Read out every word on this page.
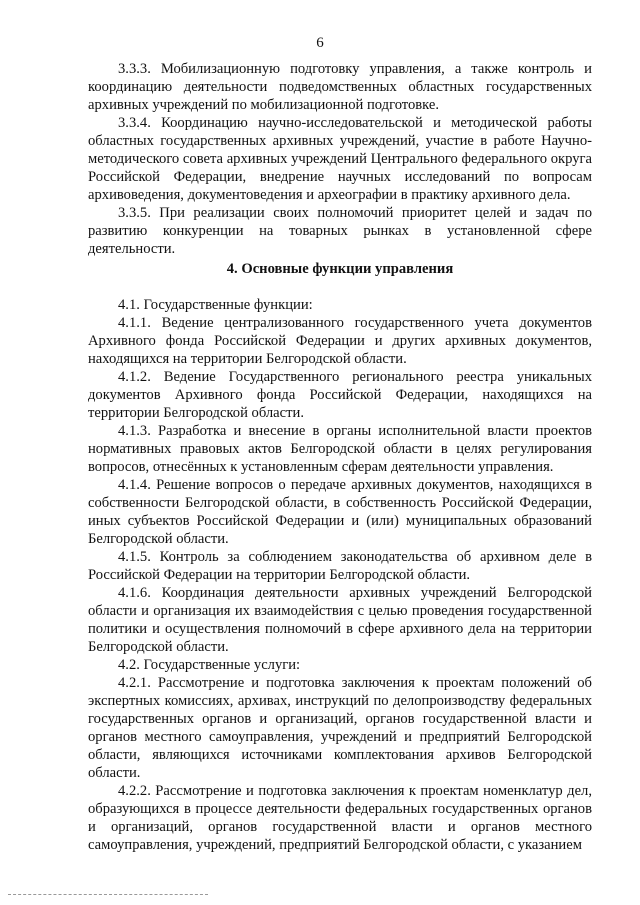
6

3.3.3. Мобилизационную подготовку управления, а также контроль и координацию деятельности подведомственных областных государственных архивных учреждений по мобилизационной подготовке.

3.3.4. Координацию научно-исследовательской и методической работы областных государственных архивных учреждений, участие в работе Научно-методического совета архивных учреждений Центрального федерального округа Российской Федерации, внедрение научных исследований по вопросам архивоведения, документоведения и археографии в практику архивного дела.

3.3.5. При реализации своих полномочий приоритет целей и задач по развитию конкуренции на товарных рынках в установленной сфере деятельности.

4. Основные функции управления

4.1. Государственные функции:

4.1.1. Ведение централизованного государственного учета документов Архивного фонда Российской Федерации и других архивных документов, находящихся на территории Белгородской области.

4.1.2. Ведение Государственного регионального реестра уникальных документов Архивного фонда Российской Федерации, находящихся на территории Белгородской области.

4.1.3. Разработка и внесение в органы исполнительной власти проектов нормативных правовых актов Белгородской области в целях регулирования вопросов, отнесённых к установленным сферам деятельности управления.

4.1.4. Решение вопросов о передаче архивных документов, находящихся в собственности Белгородской области, в собственность Российской Федерации, иных субъектов Российской Федерации и (или) муниципальных образований Белгородской области.

4.1.5. Контроль за соблюдением законодательства об архивном деле в Российской Федерации на территории Белгородской области.

4.1.6. Координация деятельности архивных учреждений Белгородской области и организация их взаимодействия с целью проведения государственной политики и осуществления полномочий в сфере архивного дела на территории Белгородской области.

4.2. Государственные услуги:

4.2.1. Рассмотрение и подготовка заключения к проектам положений об экспертных комиссиях, архивах, инструкций по делопроизводству федеральных государственных органов и организаций, органов государственной власти и органов местного самоуправления, учреждений и предприятий Белгородской области, являющихся источниками комплектования архивов Белгородской области.

4.2.2. Рассмотрение и подготовка заключения к проектам номенклатур дел, образующихся в процессе деятельности федеральных государственных органов и организаций, органов государственной власти и органов местного самоуправления, учреждений, предприятий Белгородской области, с указанием
